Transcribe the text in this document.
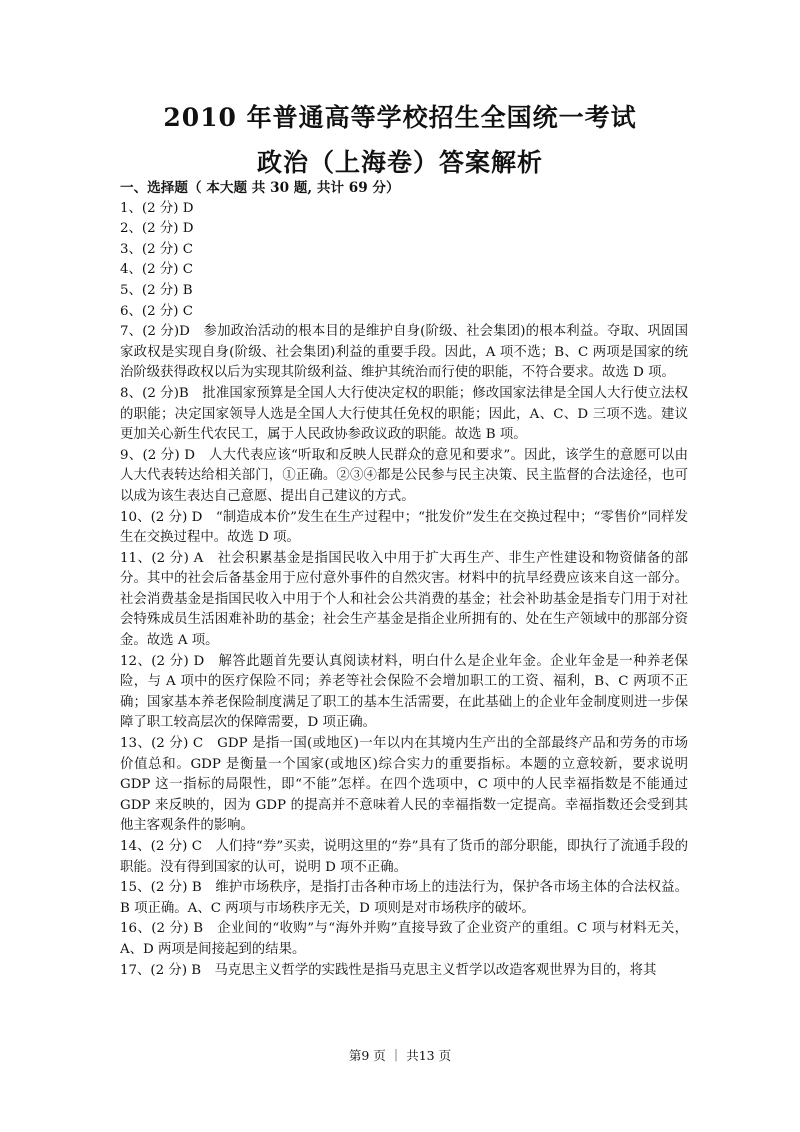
2010 年普通高等学校招生全国统一考试
政治（上海卷）答案解析
一、选择题（ 本大题 共 30 题, 共计 69 分）
1、(2 分) D
2、(2 分) D
3、(2 分) C
4、(2 分) C
5、(2 分) B
6、(2 分) C
7、(2 分)D　参加政治活动的根本目的是维护自身(阶级、社会集团)的根本利益。夺取、巩固国家政权是实现自身(阶级、社会集团)利益的重要手段。因此，A 项不选；B、C 两项是国家的统治阶级获得政权以后为实现其阶级利益、维护其统治而行使的职能，不符合要求。故选 D 项。
8、(2 分)B　批准国家预算是全国人大行使决定权的职能；修改国家法律是全国人大行使立法权的职能；决定国家领导人选是全国人大行使其任免权的职能；因此，A、C、D 三项不选。建议更加关心新生代农民工，属于人民政协参政议政的职能。故选 B 项。
9、(2 分) D　人大代表应该“听取和反映人民群众的意见和要求”。因此，该学生的意愿可以由人大代表转达给相关部门，①正确。②③④都是公民参与民主决策、民主监督的合法途径，也可以成为该生表达自己意愿、提出自己建议的方式。
10、(2 分) D　“制造成本价”发生在生产过程中；“批发价”发生在交换过程中；“零售价”同样发生在交换过程中。故选 D 项。
11、(2 分) A　社会积累基金是指国民收入中用于扩大再生产、非生产性建设和物资储备的部分。其中的社会后备基金用于应付意外事件的自然灾害。材料中的抗旱经费应该来自这一部分。社会消费基金是指国民收入中用于个人和社会公共消费的基金；社会补助基金是指专门用于对社会特殊成员生活困难补助的基金；社会生产基金是指企业所拥有的、处在生产领域中的那部分资金。故选 A 项。
12、(2 分) D　解答此题首先要认真阅读材料，明白什么是企业年金。企业年金是一种养老保险，与 A 项中的医疗保险不同；养老等社会保险不会增加职工的工资、福利，B、C 两项不正确；国家基本养老保险制度满足了职工的基本生活需要，在此基础上的企业年金制度则进一步保障了职工较高层次的保障需要，D 项正确。
13、(2 分) C　GDP 是指一国(或地区)一年以内在其境内生产出的全部最终产品和劳务的市场价值总和。GDP 是衡量一个国家(或地区)综合实力的重要指标。本题的立意较新，要求说明 GDP 这一指标的局限性，即“不能”怎样。在四个选项中，C 项中的人民幸福指数是不能通过 GDP 来反映的，因为 GDP 的提高并不意味着人民的幸福指数一定提高。幸福指数还会受到其他主客观条件的影响。
14、(2 分) C　人们持“券”买卖，说明这里的“券”具有了货币的部分职能，即执行了流通手段的职能。没有得到国家的认可，说明 D 项不正确。
15、(2 分) B　维护市场秩序，是指打击各种市场上的违法行为，保护各市场主体的合法权益。B 项正确。A、C 两项与市场秩序无关，D 项则是对市场秩序的破坏。
16、(2 分) B　企业间的“收购”与“海外并购”直接导致了企业资产的重组。C 项与材料无关，A、D 两项是间接起到的结果。
17、(2 分) B　马克思主义哲学的实践性是指马克思主义哲学以改造客观世界为目的，将其
第9 页 ｜ 共13 页
